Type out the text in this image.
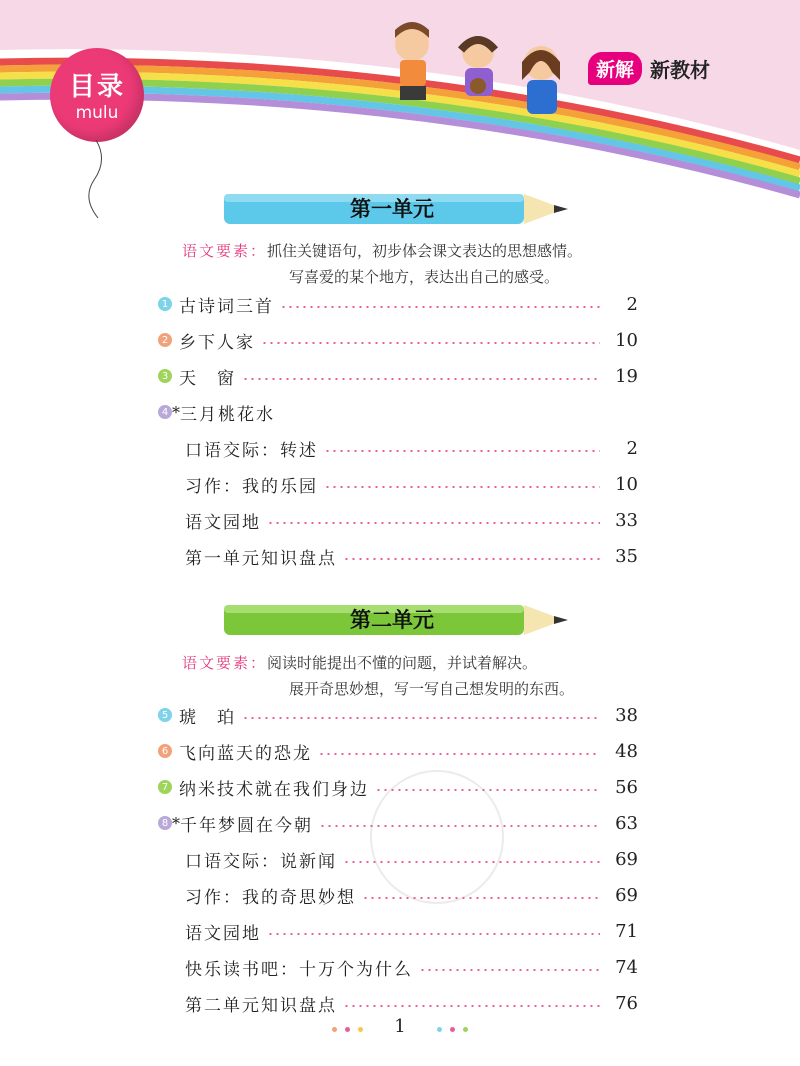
目录
mulu
新解 新教材
第一单元
语文要素：抓住关键语句，初步体会课文表达的思想感情。
写喜爱的某个地方，表达出自己的感受。
1 古诗词三首	2
2 乡下人家	10
3 天　窗	19
4 * 三月桃花水
口语交际：转述	2
习作：我的乐园	10
语文园地	33
第一单元知识盘点	35
第二单元
语文要素：阅读时能提出不懂的问题，并试着解决。
展开奇思妙想，写一写自己想发明的东西。
5 琥　珀	38
6 飞向蓝天的恐龙	48
7 纳米技术就在我们身边	56
8 * 千年梦圆在今朝	63
口语交际：说新闻	69
习作：我的奇思妙想	69
语文园地	71
快乐读书吧：十万个为什么	74
第二单元知识盘点	76
1
